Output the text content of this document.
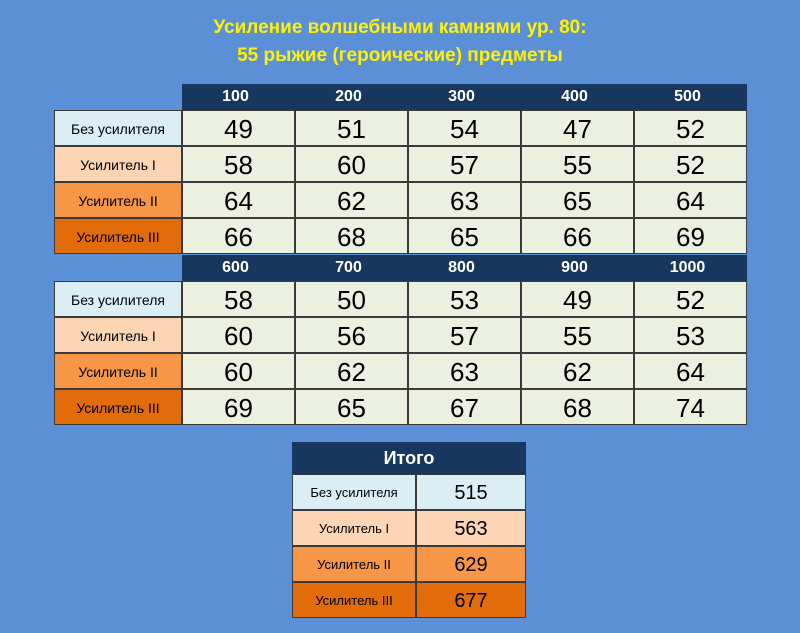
Усиление волшебными камнями ур. 80:
55 рыжие (героические) предметы
100	200	300	400	500
Без усилителя	49	51	54	47	52
Усилитель I	58	60	57	55	52
Усилитель II	64	62	63	65	64
Усилитель III	66	68	65	66	69
600	700	800	900	1000
Без усилителя	58	50	53	49	52
Усилитель I	60	56	57	55	53
Усилитель II	60	62	63	62	64
Усилитель III	69	65	67	68	74
Итого
Без усилителя	515
Усилитель I	563
Усилитель II	629
Усилитель III	677
